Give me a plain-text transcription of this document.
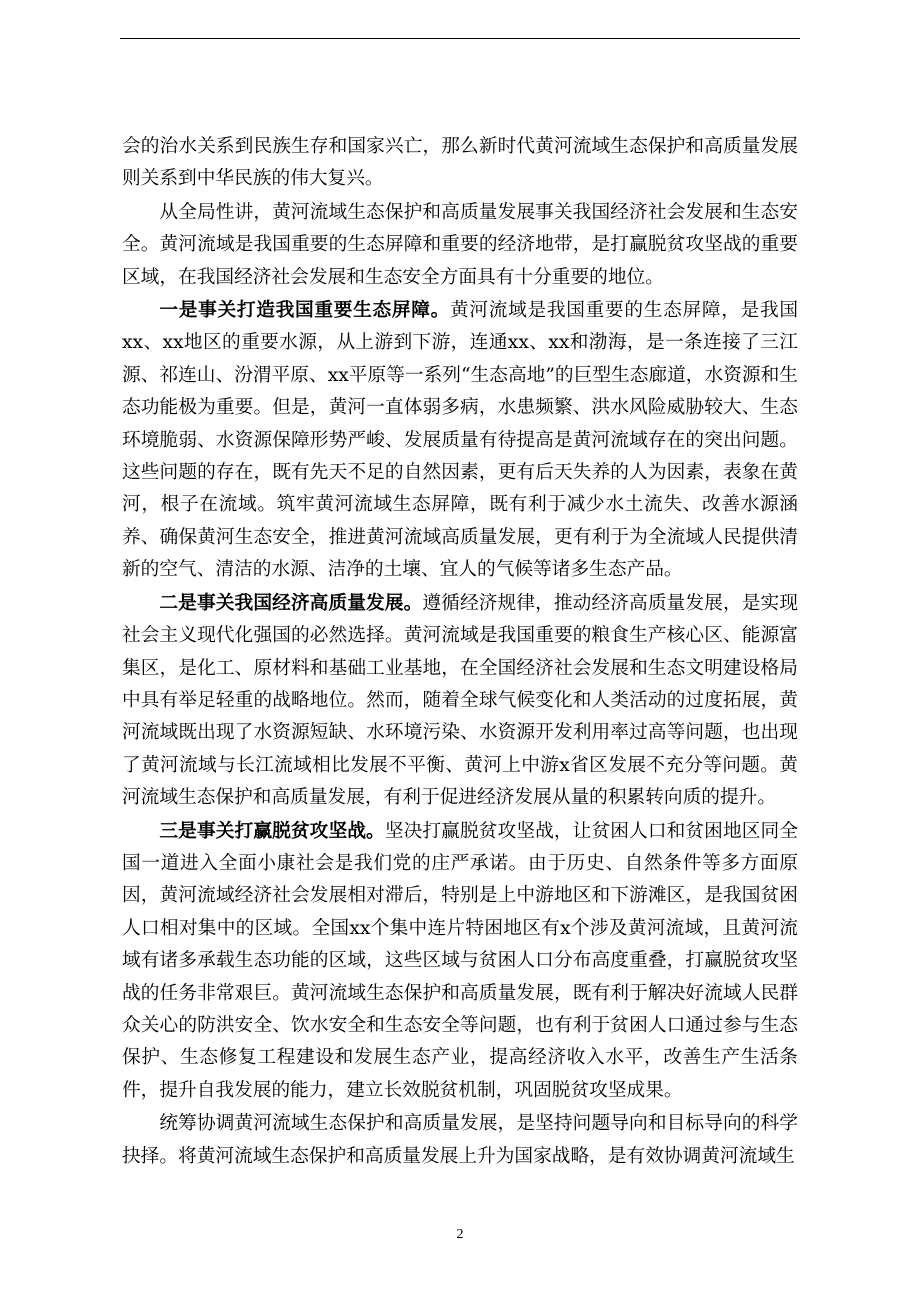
会的治水关系到民族生存和国家兴亡，那么新时代黄河流域生态保护和高质量发展则关系到中华民族的伟大复兴。

从全局性讲，黄河流域生态保护和高质量发展事关我国经济社会发展和生态安全。黄河流域是我国重要的生态屏障和重要的经济地带，是打赢脱贫攻坚战的重要区域，在我国经济社会发展和生态安全方面具有十分重要的地位。

一是事关打造我国重要生态屏障。黄河流域是我国重要的生态屏障，是我国xx、xx地区的重要水源，从上游到下游，连通xx、xx和渤海，是一条连接了三江源、祁连山、汾渭平原、xx平原等一系列“生态高地”的巨型生态廊道，水资源和生态功能极为重要。但是，黄河一直体弱多病，水患频繁、洪水风险威胁较大、生态环境脆弱、水资源保障形势严峻、发展质量有待提高是黄河流域存在的突出问题。这些问题的存在，既有先天不足的自然因素，更有后天失养的人为因素，表象在黄河，根子在流域。筑牢黄河流域生态屏障，既有利于减少水土流失、改善水源涵养、确保黄河生态安全，推进黄河流域高质量发展，更有利于为全流域人民提供清新的空气、清洁的水源、洁净的土壤、宜人的气候等诸多生态产品。

二是事关我国经济高质量发展。遵循经济规律，推动经济高质量发展，是实现社会主义现代化强国的必然选择。黄河流域是我国重要的粮食生产核心区、能源富集区，是化工、原材料和基础工业基地，在全国经济社会发展和生态文明建设格局中具有举足轻重的战略地位。然而，随着全球气候变化和人类活动的过度拓展，黄河流域既出现了水资源短缺、水环境污染、水资源开发利用率过高等问题，也出现了黄河流域与长江流域相比发展不平衡、黄河上中游x省区发展不充分等问题。黄河流域生态保护和高质量发展，有利于促进经济发展从量的积累转向质的提升。

三是事关打赢脱贫攻坚战。坚决打赢脱贫攻坚战，让贫困人口和贫困地区同全国一道进入全面小康社会是我们党的庄严承诺。由于历史、自然条件等多方面原因，黄河流域经济社会发展相对滞后，特别是上中游地区和下游滩区，是我国贫困人口相对集中的区域。全国xx个集中连片特困地区有x个涉及黄河流域，且黄河流域有诸多承载生态功能的区域，这些区域与贫困人口分布高度重叠，打赢脱贫攻坚战的任务非常艰巨。黄河流域生态保护和高质量发展，既有利于解决好流域人民群众关心的防洪安全、饮水安全和生态安全等问题，也有利于贫困人口通过参与生态保护、生态修复工程建设和发展生态产业，提高经济收入水平，改善生产生活条件，提升自我发展的能力，建立长效脱贫机制，巩固脱贫攻坚成果。

统筹协调黄河流域生态保护和高质量发展，是坚持问题导向和目标导向的科学抉择。将黄河流域生态保护和高质量发展上升为国家战略，是有效协调黄河流域生

2
